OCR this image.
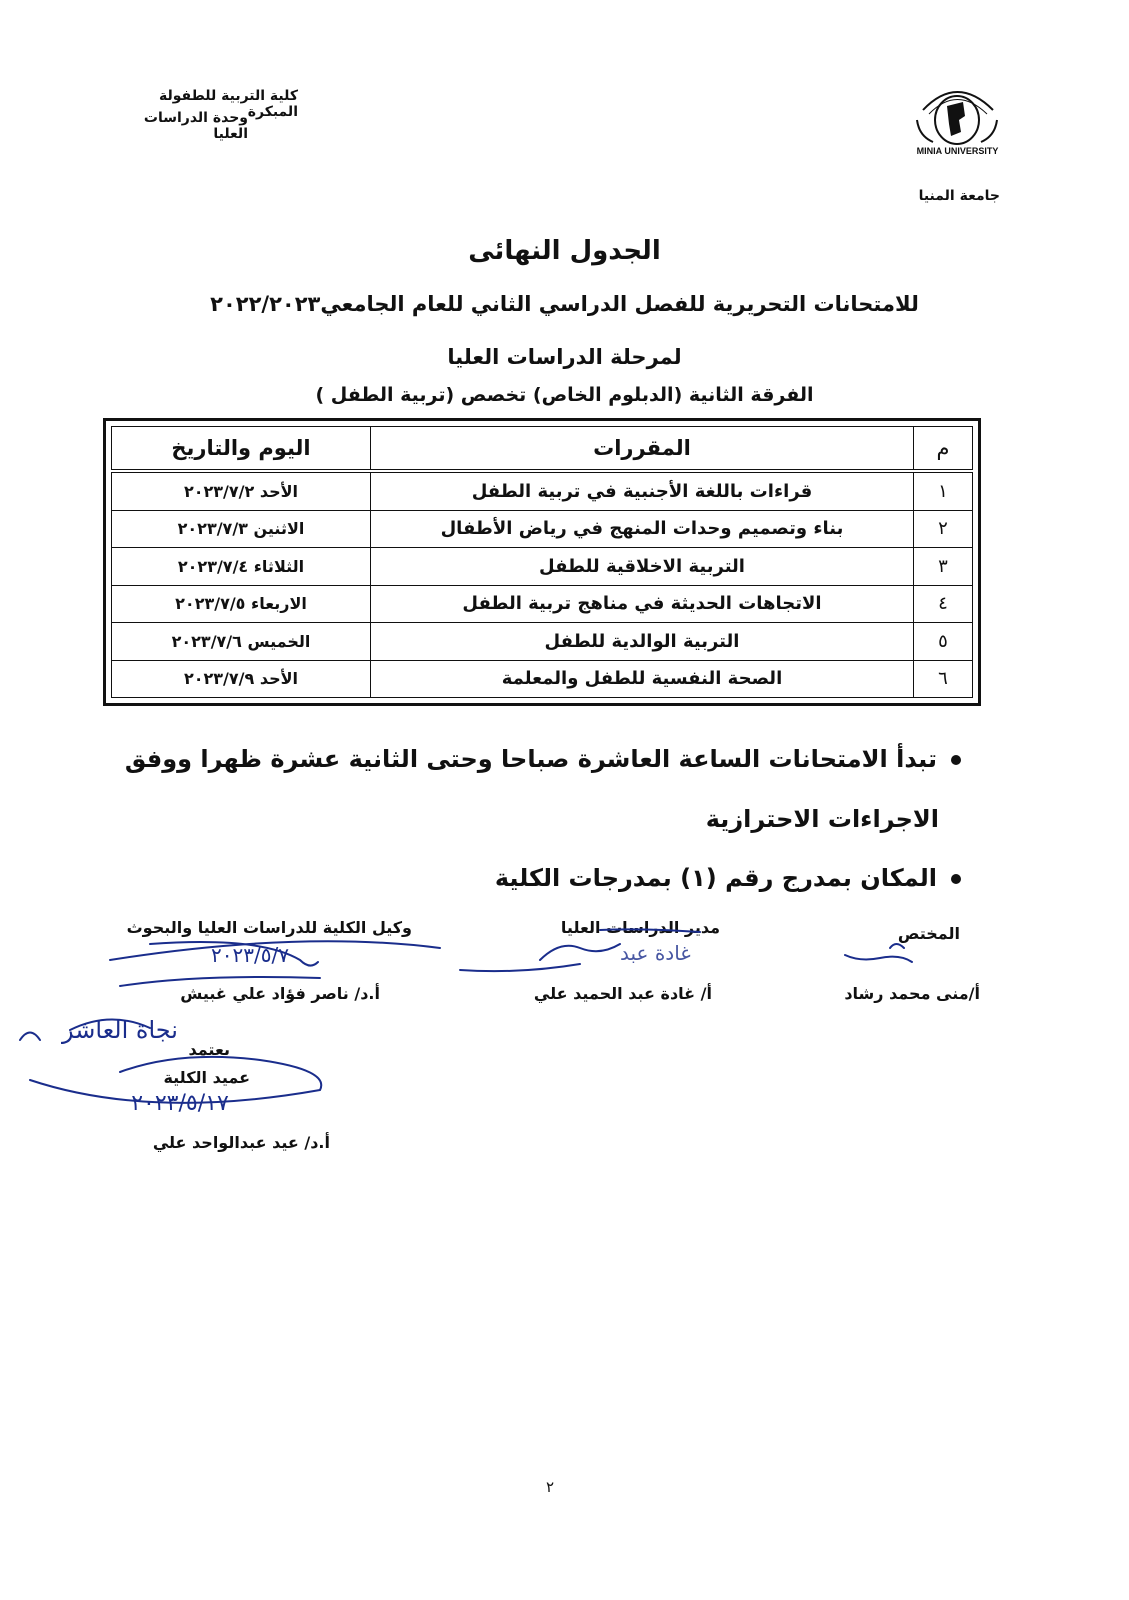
كلية التربية للطفولة المبكرة
وحدة الدراسات العليا
MINIA UNIVERSITY
جامعة المنيا
الجدول النهائى
للامتحانات التحريرية للفصل الدراسي الثاني للعام الجامعي٢٠٢٢/٢٠٢٣
لمرحلة الدراسات العليا
الفرقة الثانية (الدبلوم الخاص) تخصص (تربية الطفل )
م	المقررات	اليوم والتاريخ
١	قراءات باللغة الأجنبية في تربية الطفل	الأحد ٢٠٢٣/٧/٢
٢	بناء وتصميم وحدات المنهج في رياض الأطفال	الاثنين ٢٠٢٣/٧/٣
٣	التربية الاخلاقية للطفل	الثلاثاء ٢٠٢٣/٧/٤
٤	الاتجاهات الحديثة في مناهج تربية الطفل	الاربعاء ٢٠٢٣/٧/٥
٥	التربية الوالدية للطفل	الخميس ٢٠٢٣/٧/٦
٦	الصحة النفسية للطفل والمعلمة	الأحد ٢٠٢٣/٧/٩
تبدأ الامتحانات الساعة العاشرة صباحا وحتى الثانية عشرة ظهرا ووفق
الاجراءات الاحترازية
المكان بمدرج رقم (١) بمدرجات الكلية
المختص
أ/منى محمد رشاد
مدير الدراسات العليا
أ/ غادة عبد الحميد علي
وكيل الكلية للدراسات العليا والبحوث
أ.د/ ناصر فؤاد علي غبيش
يعتمد
عميد الكلية
أ.د/ عيد عبدالواحد علي
غادة عبد
٢٠٢٣/٥/٧
نجاة العاشر
٢٠٢٣/٥/١٧
٢
